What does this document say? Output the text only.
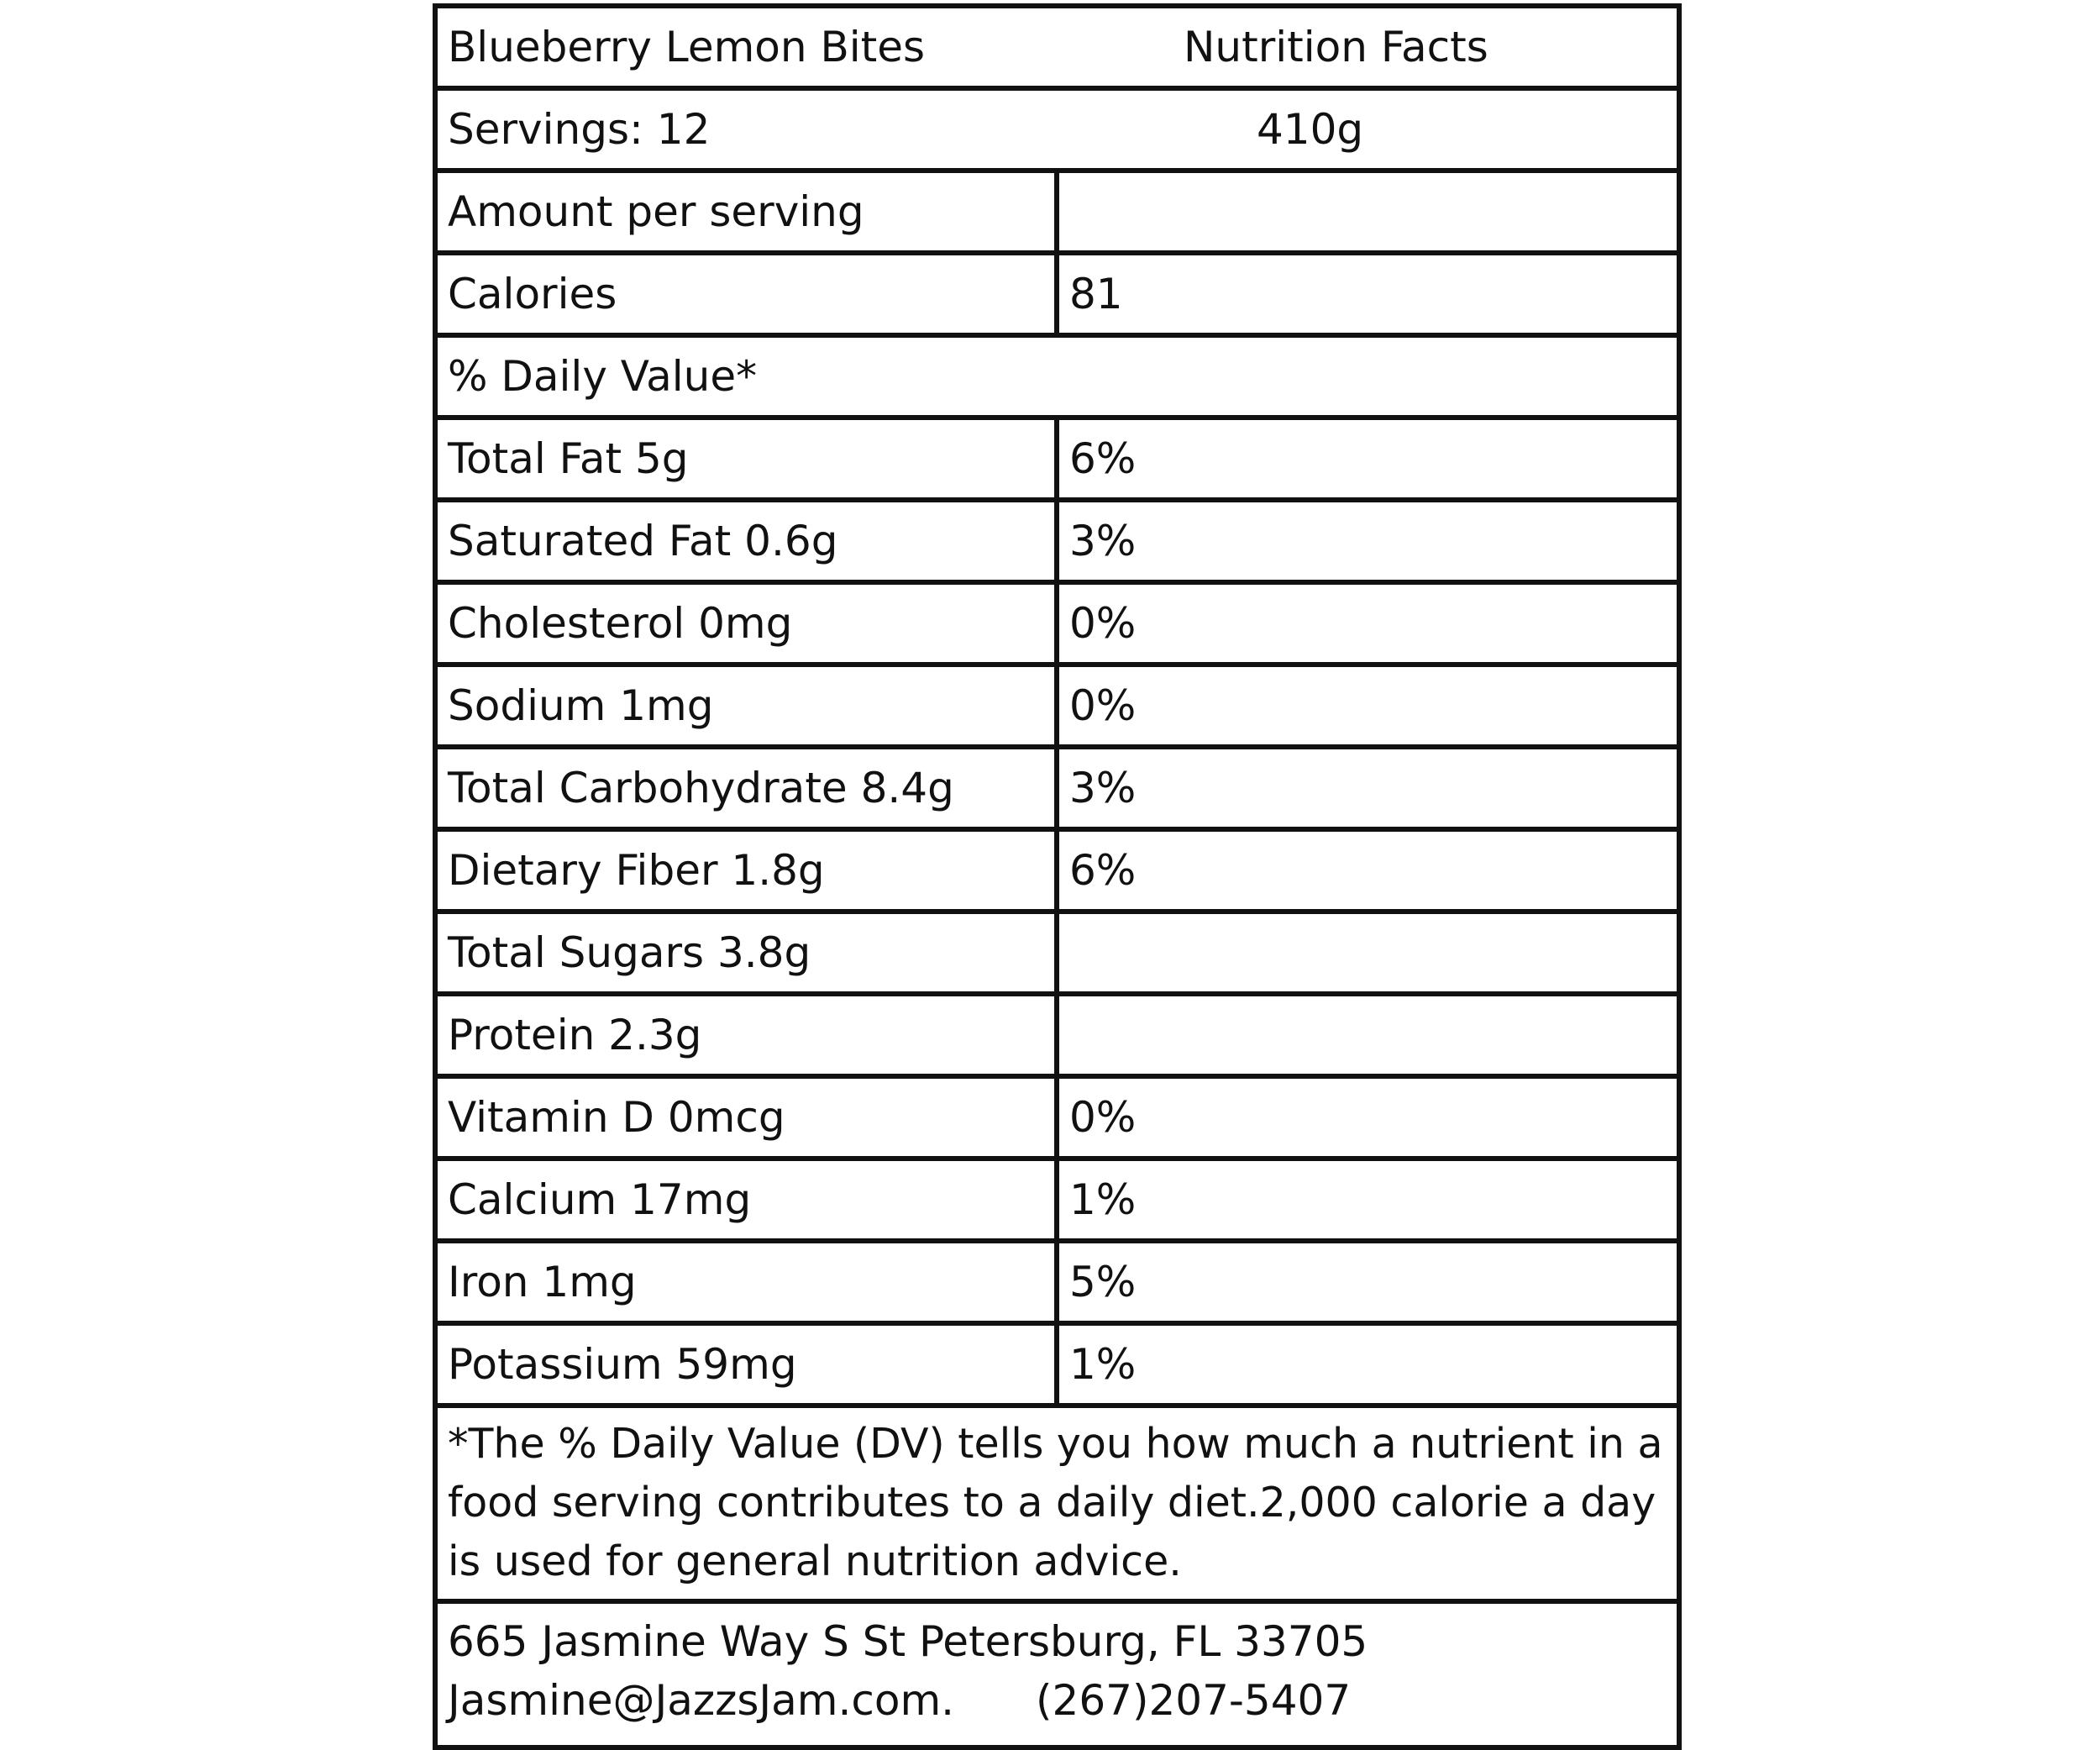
Blueberry Lemon Bites	Nutrition Facts
Servings: 12	410g
Amount per serving
Calories	81
% Daily Value*
Total Fat 5g	6%
Saturated Fat 0.6g	3%
Cholesterol 0mg	0%
Sodium 1mg	0%
Total Carbohydrate 8.4g	3%
Dietary Fiber 1.8g	6%
Total Sugars 3.8g
Protein 2.3g
Vitamin D 0mcg	0%
Calcium 17mg	1%
Iron 1mg	5%
Potassium 59mg	1%
*The % Daily Value (DV) tells you how much a nutrient in a food serving contributes to a daily diet.2,000 calorie a day is used for general nutrition advice.
665 Jasmine Way S St Petersburg, FL 33705
Jasmine@JazzsJam.com.	(267)207-5407
